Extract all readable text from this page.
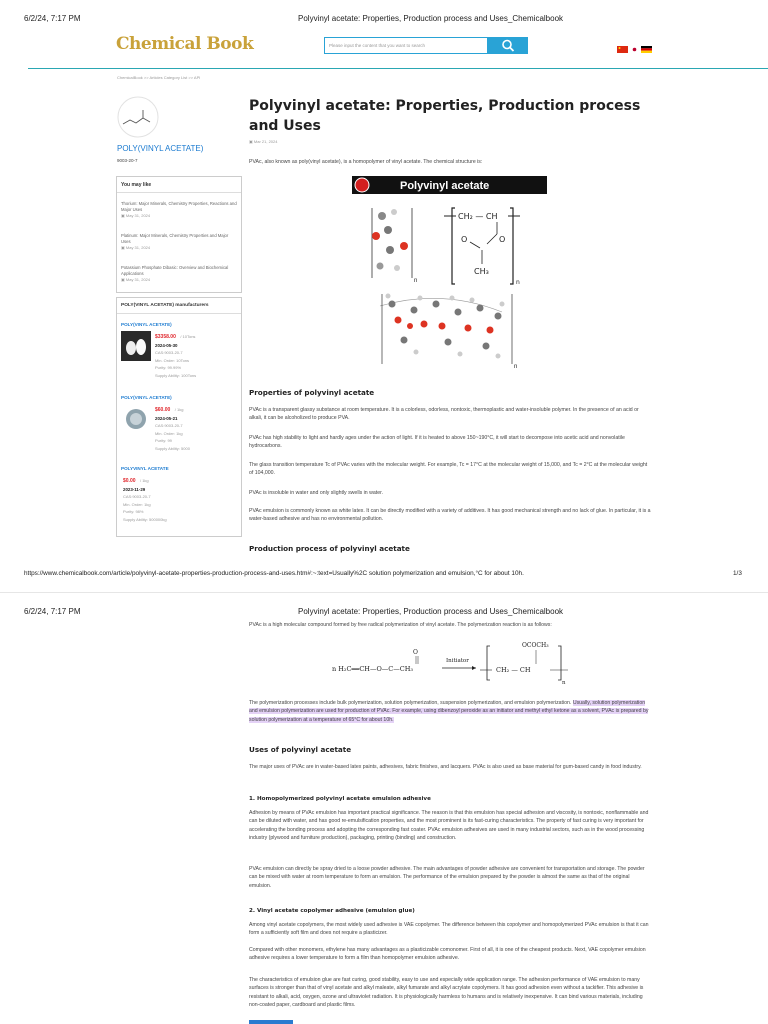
6/2/24, 7:17 PM	Polyvinyl acetate: Properties, Production process and Uses_Chemicalbook
Chemical Book	Please input the content that you want to search
ChemicalBook >> Articles Category List >> API
POLY(VINYL ACETATE)
9003-20-7
You may like
Thorium: Major Minerals, Chemistry Properties, Reactions and Major Uses
▣ May 31, 2024
Platinum: Major Minerals, Chemistry Properties and Major Uses
▣ May 31, 2024
Potassium Phosphate Dibasic: Overview and Biochemical Applications
▣ May 31, 2024
POLY(VINYL ACETATE) manufacturers
POLY(VINYL ACETATE)
$3358.00 / 10Tons
2024-05-30
CAS:9003-20-7
Min. Order: 10Tons
Purity: 99.99%
Supply Ability: 100Tons
POLY(VINYL ACETATE)
$60.00 / 1kg
2024-05-21
CAS:9003-20-7
Min. Order: 1kg
Purity: 99
Supply Ability: 5000
POLYVINYL ACETATE
$0.00 / 1kg
2023-11-29
CAS:9003-20-7
Min. Order: 1kg
Purity: 98%
Supply Ability: 500000kg
Polyvinyl acetate: Properties, Production process and Uses
▣ Mar 21, 2024
PVAc, also known as poly(vinyl acetate), is a homopolymer of vinyl acetate. The chemical structure is:
Polyvinyl acetate
n
CH₂ — CH
O	O
CH₃
n
n
Properties of polyvinyl acetate
PVAc is a transparent glassy substance at room temperature. It is a colorless, odorless, nontoxic, thermoplastic and water-insoluble polymer. In the presence of an acid or alkali, it can be alcoholized to produce PVA.
PVAc has high stability to light and hardly ages under the action of light. If it is heated to above 150~190°C, it will start to decompose into acetic acid and nonvolatile hydrocarbons.
The glass transition temperature Tc of PVAc varies with the molecular weight. For example, Tc = 17°C at the molecular weight of 15,000, and Tc = 2°C at the molecular weight of 104,000.
PVAc is insoluble in water and only slightly swells in water.
PVAc emulsion is commonly known as white latex. It can be directly modified with a variety of additives. It has good mechanical strength and no lack of glue. In particular, it is a water-based adhesive and has no environmental pollution.
Production process of polyvinyl acetate
https://www.chemicalbook.com/article/polyvinyl-acetate-properties-production-process-and-uses.htm#:~:text=Usually%2C solution polymerization and emulsion,°C for about 10h.	1/3
6/2/24, 7:17 PM	Polyvinyl acetate: Properties, Production process and Uses_Chemicalbook
PVAc is a high molecular compound formed by free radical polymerization of vinyl acetate. The polymerization reaction is as follows:
n H₂C══CH—O—C—CH₃
O
Initiator
OCOCH₃
CH₂ — CH
n
The polymerization processes include bulk polymerization, solution polymerization, suspension polymerization, and emulsion polymerization. Usually, solution polymerization and emulsion polymerization are used for production of PVAc. For example, using dibenzoyl peroxide as an initiator and methyl ethyl ketone as a solvent, PVAc is prepared by solution polymerization at a temperature of 65°C for about 10h.
Uses of polyvinyl acetate
The major uses of PVAc are in water-based latex paints, adhesives, fabric finishes, and lacquers. PVAc is also used as base material for gum-based candy in food industry.
1. Homopolymerized polyvinyl acetate emulsion adhesive
Adhesion by means of PVAc emulsion has important practical significance. The reason is that this emulsion has special adhesion and viscosity, is nontoxic, nonflammable and can be diluted with water, and has good re-emulsification properties, and the most prominent is its fast-curing characteristics. The property of fast curing is very important for accelerating the bonding process and adopting the corresponding fast coater. PVAc emulsion adhesives are used in many industrial sectors, such as in the wood processing industry (plywood and furniture production), packaging, printing (binding) and construction.
PVAc emulsion can directly be spray dried to a loose powder adhesive. The main advantages of powder adhesive are convenient for transportation and storage. The powder can be mixed with water at room temperature to form an emulsion. The performance of the emulsion prepared by the powder is almost the same as that of the original emulsion.
2. Vinyl acetate copolymer adhesive (emulsion glue)
Among vinyl acetate copolymers, the most widely used adhesive is VAE copolymer. The difference between this copolymer and homopolymerized PVAc emulsion is that it can form a sufficiently soft film and does not require a plasticizer.
Compared with other monomers, ethylene has many advantages as a plasticizable comonomer. First of all, it is one of the cheapest products. Next, VAE copolymer emulsion adhesive requires a lower temperature to form a film than homopolymer emulsion adhesive.
The characteristics of emulsion glue are fast curing, good stability, easy to use and especially wide application range. The adhesion performance of VAE emulsion to many surfaces is stronger than that of vinyl acetate and alkyl maleate, alkyl fumarate and alkyl acrylate copolymers. It has good adhesion even without a tackifier. This adhesive is resistant to alkali, acid, oxygen, ozone and ultraviolet radiation. It is physiologically harmless to humans and is relatively inexpensive. It can bind various materials, including non-coated paper, cardboard and plastic films.
